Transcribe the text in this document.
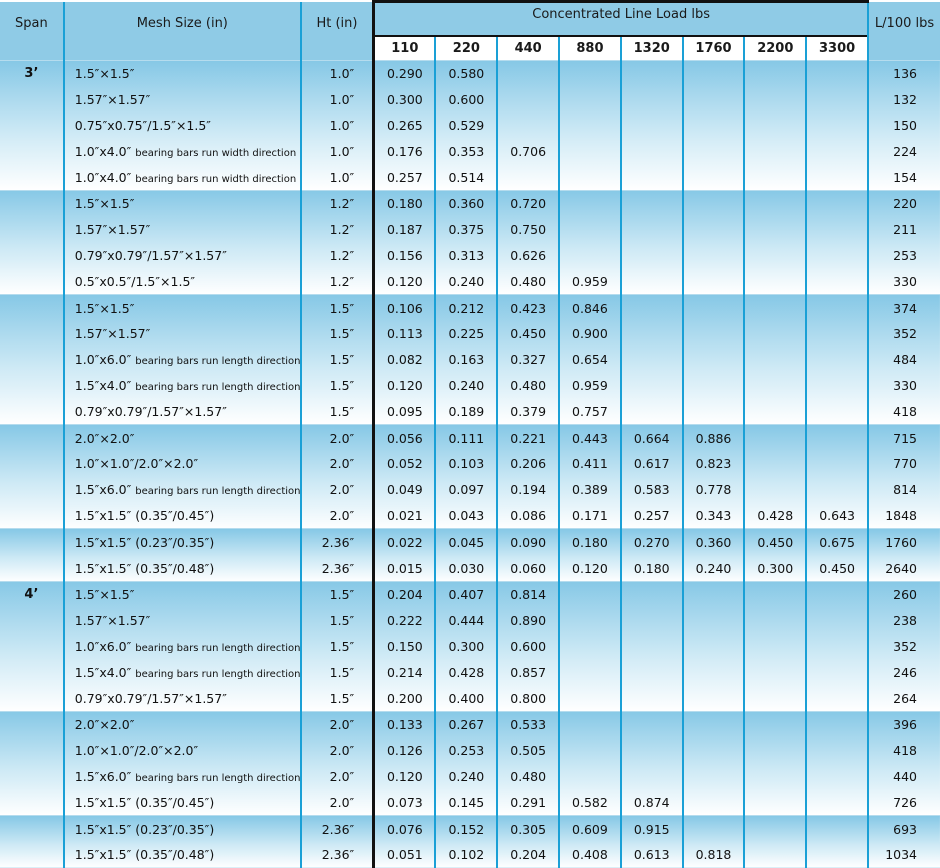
Span	Mesh Size (in)	Ht (in)	Concentrated Line Load lbs								L/100 lbs
			110	220	440	880	1320	1760	2200	3300	
3’	1.5″×1.5″	1.0″	0.290	0.580							136
	1.57″×1.57″	1.0″	0.300	0.600							132
	0.75″x0.75″/1.5″×1.5″	1.0″	0.265	0.529							150
	1.0″x4.0″ bearing bars run width direction	1.0″	0.176	0.353	0.706						224
	1.0″x4.0″ bearing bars run width direction	1.0″	0.257	0.514							154
	1.5″×1.5″	1.2″	0.180	0.360	0.720						220
	1.57″×1.57″	1.2″	0.187	0.375	0.750						211
	0.79″x0.79″/1.57″×1.57″	1.2″	0.156	0.313	0.626						253
	0.5″x0.5″/1.5″×1.5″	1.2″	0.120	0.240	0.480	0.959					330
	1.5″×1.5″	1.5″	0.106	0.212	0.423	0.846					374
	1.57″×1.57″	1.5″	0.113	0.225	0.450	0.900					352
	1.0″x6.0″ bearing bars run length direction	1.5″	0.082	0.163	0.327	0.654					484
	1.5″x4.0″ bearing bars run length direction	1.5″	0.120	0.240	0.480	0.959					330
	0.79″x0.79″/1.57″×1.57″	1.5″	0.095	0.189	0.379	0.757					418
	2.0″×2.0″	2.0″	0.056	0.111	0.221	0.443	0.664	0.886			715
	1.0″×1.0″/2.0″×2.0″	2.0″	0.052	0.103	0.206	0.411	0.617	0.823			770
	1.5″x6.0″ bearing bars run length direction	2.0″	0.049	0.097	0.194	0.389	0.583	0.778			814
	1.5″x1.5″ (0.35″/0.45″)	2.0″	0.021	0.043	0.086	0.171	0.257	0.343	0.428	0.643	1848
	1.5″x1.5″ (0.23″/0.35″)	2.36″	0.022	0.045	0.090	0.180	0.270	0.360	0.450	0.675	1760
	1.5″x1.5″ (0.35″/0.48″)	2.36″	0.015	0.030	0.060	0.120	0.180	0.240	0.300	0.450	2640
4’	1.5″×1.5″	1.5″	0.204	0.407	0.814						260
	1.57″×1.57″	1.5″	0.222	0.444	0.890						238
	1.0″x6.0″ bearing bars run length direction	1.5″	0.150	0.300	0.600						352
	1.5″x4.0″ bearing bars run length direction	1.5″	0.214	0.428	0.857						246
	0.79″x0.79″/1.57″×1.57″	1.5″	0.200	0.400	0.800						264
	2.0″×2.0″	2.0″	0.133	0.267	0.533						396
	1.0″×1.0″/2.0″×2.0″	2.0″	0.126	0.253	0.505						418
	1.5″x6.0″ bearing bars run length direction	2.0″	0.120	0.240	0.480						440
	1.5″x1.5″ (0.35″/0.45″)	2.0″	0.073	0.145	0.291	0.582	0.874				726
	1.5″x1.5″ (0.23″/0.35″)	2.36″	0.076	0.152	0.305	0.609	0.915				693
	1.5″x1.5″ (0.35″/0.48″)	2.36″	0.051	0.102	0.204	0.408	0.613	0.818			1034
